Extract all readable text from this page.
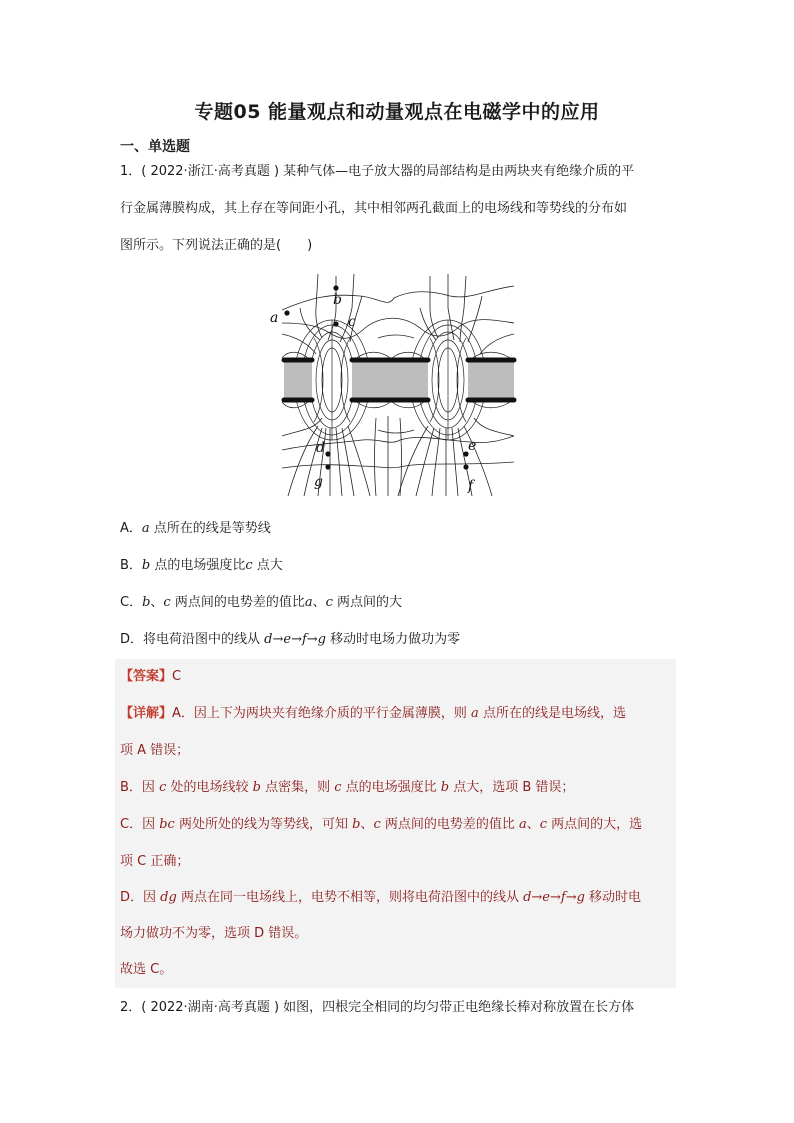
专题05 能量观点和动量观点在电磁学中的应用
一、单选题
1．( 2022·浙江·高考真题 ) 某种气体—电子放大器的局部结构是由两块夹有绝缘介质的平
行金属薄膜构成，其上存在等间距小孔，其中相邻两孔截面上的电场线和等势线的分布如
图所示。下列说法正确的是(　　)
a
b
c
d
g
e
f
A．a 点所在的线是等势线
B．b 点的电场强度比c 点大
C．b、c 两点间的电势差的值比a、c 两点间的大
D．将电荷沿图中的线从 d→e→f→g 移动时电场力做功为零
【答案】C
【详解】A．因上下为两块夹有绝缘介质的平行金属薄膜，则 a 点所在的线是电场线，选
项 A 错误；
B．因 c 处的电场线较 b 点密集，则 c 点的电场强度比 b 点大，选项 B 错误；
C．因 bc 两处所处的线为等势线，可知 b、c 两点间的电势差的值比 a、c 两点间的大，选
项 C 正确；
D．因 dg 两点在同一电场线上，电势不相等，则将电荷沿图中的线从 d→e→f→g 移动时电
场力做功不为零，选项 D 错误。
故选 C。
2．( 2022·湖南·高考真题 ) 如图，四根完全相同的均匀带正电绝缘长棒对称放置在长方体
